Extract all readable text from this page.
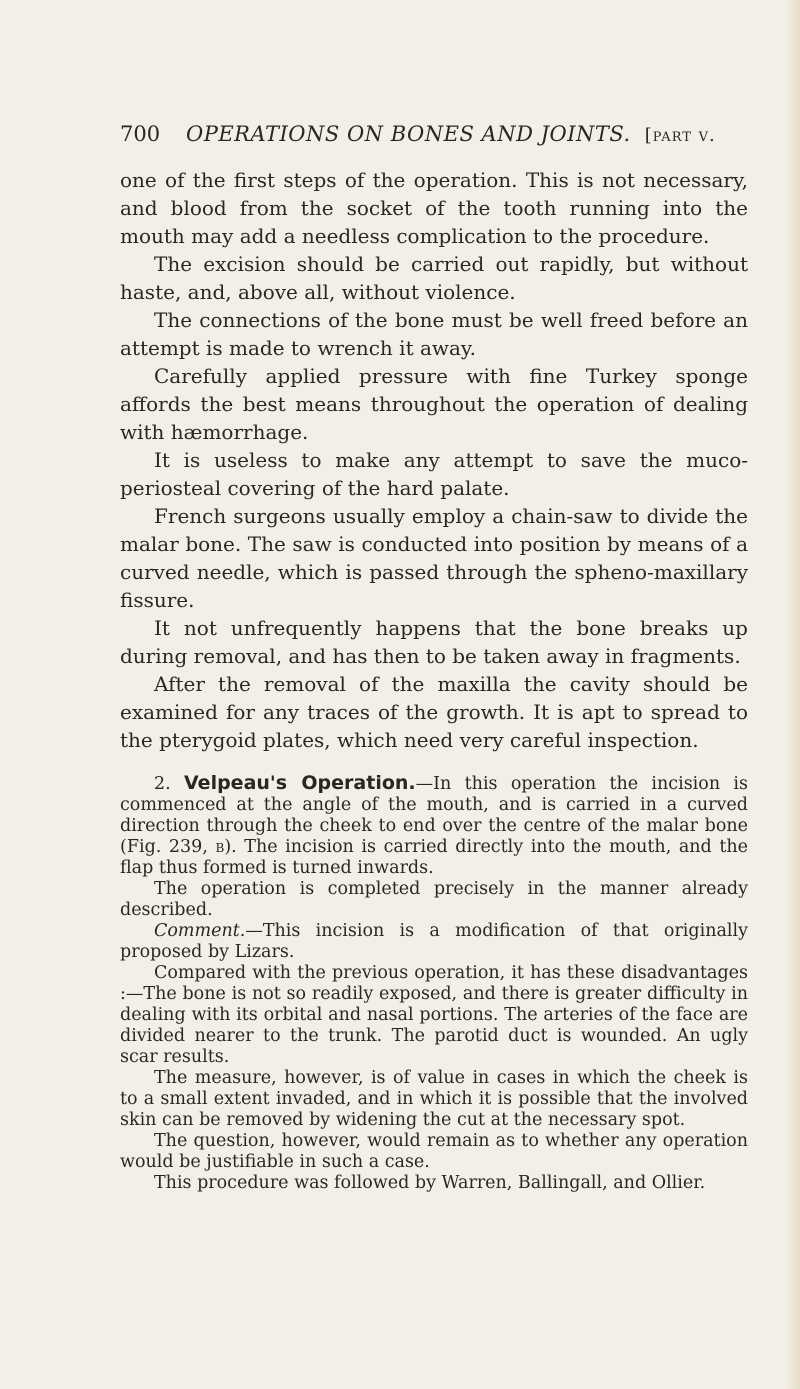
700	OPERATIONS ON BONES AND JOINTS. [part v.

one of the first steps of the operation. This is not necessary, and blood from the socket of the tooth running into the mouth may add a needless complication to the procedure.

The excision should be carried out rapidly, but without haste, and, above all, without violence.

The connections of the bone must be well freed before an attempt is made to wrench it away.

Carefully applied pressure with fine Turkey sponge affords the best means throughout the operation of dealing with hæmorrhage.

It is useless to make any attempt to save the muco-periosteal covering of the hard palate.

French surgeons usually employ a chain-saw to divide the malar bone. The saw is conducted into position by means of a curved needle, which is passed through the spheno-maxillary fissure.

It not unfrequently happens that the bone breaks up during removal, and has then to be taken away in fragments.

After the removal of the maxilla the cavity should be examined for any traces of the growth. It is apt to spread to the pterygoid plates, which need very careful inspection.

2. Velpeau's Operation.—In this operation the incision is commenced at the angle of the mouth, and is carried in a curved direction through the cheek to end over the centre of the malar bone (Fig. 239, b). The incision is carried directly into the mouth, and the flap thus formed is turned inwards.

The operation is completed precisely in the manner already described.

Comment.—This incision is a modification of that originally proposed by Lizars.

Compared with the previous operation, it has these disadvantages :—The bone is not so readily exposed, and there is greater difficulty in dealing with its orbital and nasal portions. The arteries of the face are divided nearer to the trunk. The parotid duct is wounded. An ugly scar results.

The measure, however, is of value in cases in which the cheek is to a small extent invaded, and in which it is possible that the involved skin can be removed by widening the cut at the necessary spot.

The question, however, would remain as to whether any operation would be justifiable in such a case.

This procedure was followed by Warren, Ballingall, and Ollier.
